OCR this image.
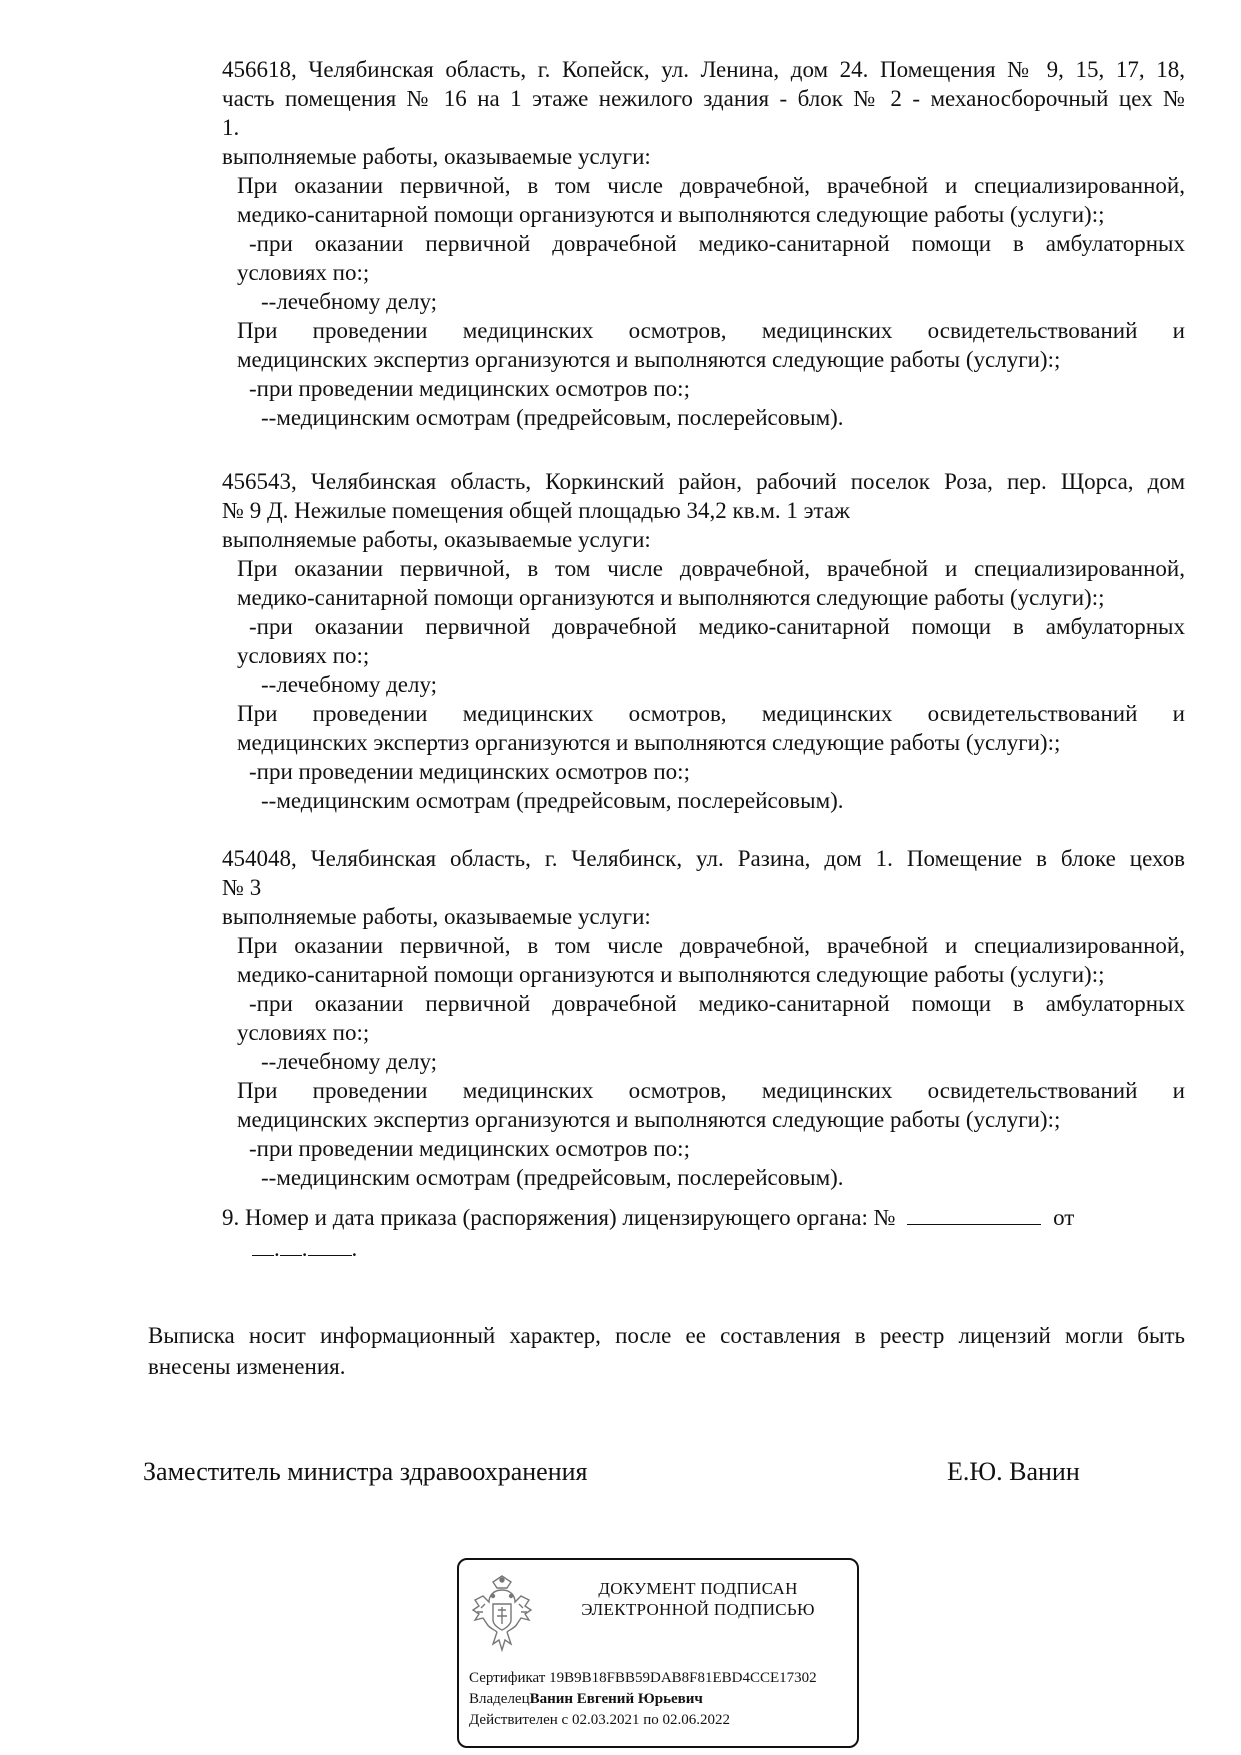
456618, Челябинская область, г. Копейск, ул. Ленина, дом 24. Помещения № 9, 15, 17, 18,
часть помещения № 16 на 1 этаже нежилого здания - блок № 2 - механосборочный цех №
1.
выполняемые работы, оказываемые услуги:
При оказании первичной, в том числе доврачебной, врачебной и специализированной,
медико-санитарной помощи организуются и выполняются следующие работы (услуги):;
-при оказании первичной доврачебной медико-санитарной помощи в амбулаторных
условиях по:;
--лечебному делу;
При проведении медицинских осмотров, медицинских освидетельствований и
медицинских экспертиз организуются и выполняются следующие работы (услуги):;
-при проведении медицинских осмотров по:;
--медицинским осмотрам (предрейсовым, послерейсовым).
456543, Челябинская область, Коркинский район, рабочий поселок Роза, пер. Щорса, дом
№ 9 Д. Нежилые помещения общей площадью 34,2 кв.м. 1 этаж
выполняемые работы, оказываемые услуги:
При оказании первичной, в том числе доврачебной, врачебной и специализированной,
медико-санитарной помощи организуются и выполняются следующие работы (услуги):;
-при оказании первичной доврачебной медико-санитарной помощи в амбулаторных
условиях по:;
--лечебному делу;
При проведении медицинских осмотров, медицинских освидетельствований и
медицинских экспертиз организуются и выполняются следующие работы (услуги):;
-при проведении медицинских осмотров по:;
--медицинским осмотрам (предрейсовым, послерейсовым).
454048, Челябинская область, г. Челябинск, ул. Разина, дом 1. Помещение в блоке цехов
№ 3
выполняемые работы, оказываемые услуги:
При оказании первичной, в том числе доврачебной, врачебной и специализированной,
медико-санитарной помощи организуются и выполняются следующие работы (услуги):;
-при оказании первичной доврачебной медико-санитарной помощи в амбулаторных
условиях по:;
--лечебному делу;
При проведении медицинских осмотров, медицинских освидетельствований и
медицинских экспертиз организуются и выполняются следующие работы (услуги):;
-при проведении медицинских осмотров по:;
--медицинским осмотрам (предрейсовым, послерейсовым).
9. Номер и дата приказа (распоряжения) лицензирующего органа: №	от
. . .
Выписка носит информационный характер, после ее составления в реестр лицензий могли быть
внесены изменения.
Заместитель министра здравоохранения	Е.Ю. Ванин
ДОКУМЕНТ ПОДПИСАН
ЭЛЕКТРОННОЙ ПОДПИСЬЮ
Сертификат 19B9B18FBB59DAB8F81EBD4CCE17302
ВладелецВанин Евгений Юрьевич
Действителен с 02.03.2021 по 02.06.2022
